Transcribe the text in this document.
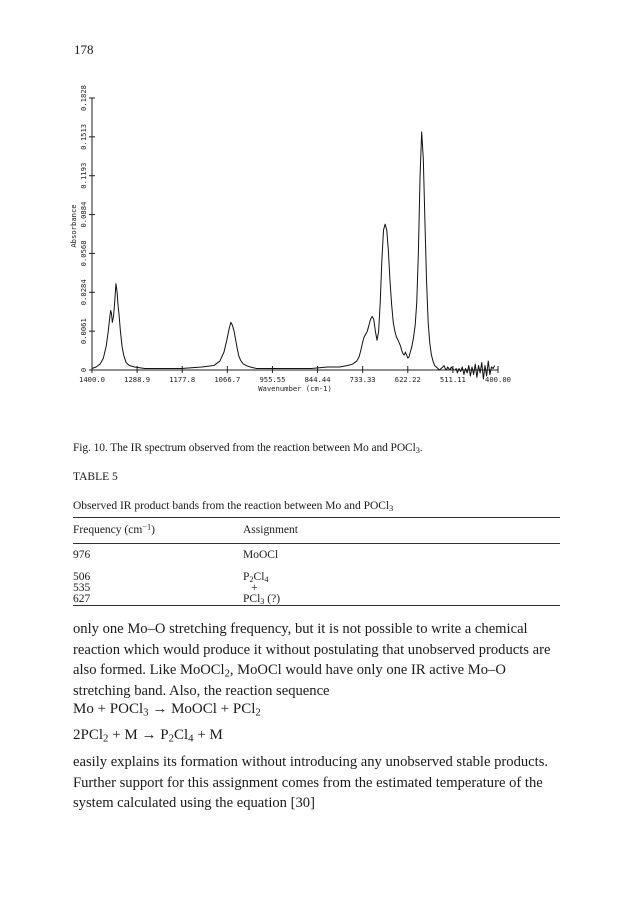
178
1400.0	1288.9	1177.8	1066.7	955.55	844.44	733.33	622.22	511.11	400.00
Wavenumber (cm-1)
0
0.0061
0.0284
0.0568
0.0884
0.1193
0.1513
0.1828
Absorbance
Fig. 10. The IR spectrum observed from the reaction between Mo and POCl$_3$.
TABLE 5
Observed IR product bands from the reaction between Mo and POCl$_3$
Frequency $(cm^{-1})$	Assignment
976	MoOCl
506	$P_2Cl_4$
535	+
627	PCl$_3$ (?)

only one Mo–O stretching frequency, but it is not possible to write a chemical reaction which would produce it without postulating that unobserved products are also formed. Like MoOCl$_2$, MoOCl would have only one IR active Mo–O stretching band. Also, the reaction sequence

Mo + POCl$_3$ → MoOCl + PCl$_2$
$2PCl_2 + M \to P_2Cl_4 + M$

easily explains its formation without introducing any unobserved stable products. Further support for this assignment comes from the estimated temperature of the system calculated using the equation [30]
